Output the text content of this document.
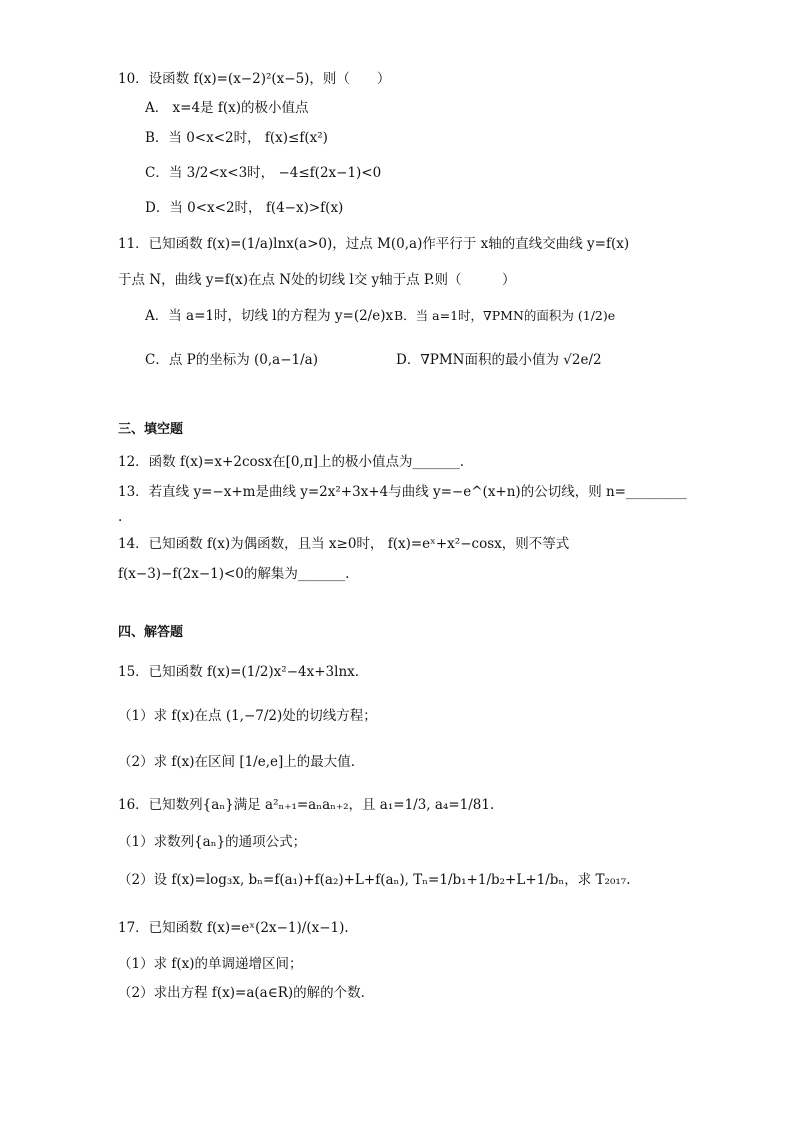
10．设函数 f(x)=(x−2)²(x−5)，则（　　）
A． x=4是 f(x)的极小值点
B．当 0<x<2时， f(x)≤f(x²)
C．当 3/2<x<3时， −4≤f(2x−1)<0
D．当 0<x<2时， f(4−x)>f(x)
11．已知函数 f(x)=(1/a)lnx(a>0)，过点 M(0,a)作平行于 x轴的直线交曲线 y=f(x)
于点 N，曲线 y=f(x)在点 N处的切线 l交 y轴于点 P.则（　　　）
A．当 a=1时，切线 l的方程为 y=(2/e)x B．当 a=1时，∇PMN的面积为 (1/2)e
C．点 P的坐标为 (0,a−1/a)	D．∇PMN面积的最小值为 √2e/2
三、填空题
12．函数 f(x)=x+2cosx在[0,π]上的极小值点为_______.
13．若直线 y=−x+m是曲线 y=2x²+3x+4与曲线 y=−e^(x+n)的公切线，则 n=_________
.
14．已知函数 f(x)为偶函数，且当 x≥0时， f(x)=eˣ+x²−cosx，则不等式
f(x−3)−f(2x−1)<0的解集为_______.
四、解答题
15．已知函数 f(x)=(1/2)x²−4x+3lnx.
（1）求 f(x)在点 (1,−7/2)处的切线方程；
（2）求 f(x)在区间 [1/e,e]上的最大值.
16．已知数列{aₙ}满足 a²ₙ₊₁=aₙaₙ₊₂，且 a₁=1/3, a₄=1/81.
（1）求数列{aₙ}的通项公式；
（2）设 f(x)=log₃x, bₙ=f(a₁)+f(a₂)+L+f(aₙ), Tₙ=1/b₁+1/b₂+L+1/bₙ，求 T₂₀₁₇.
17．已知函数 f(x)=eˣ(2x−1)/(x−1).
（1）求 f(x)的单调递增区间；
（2）求出方程 f(x)=a(a∈R)的解的个数.
